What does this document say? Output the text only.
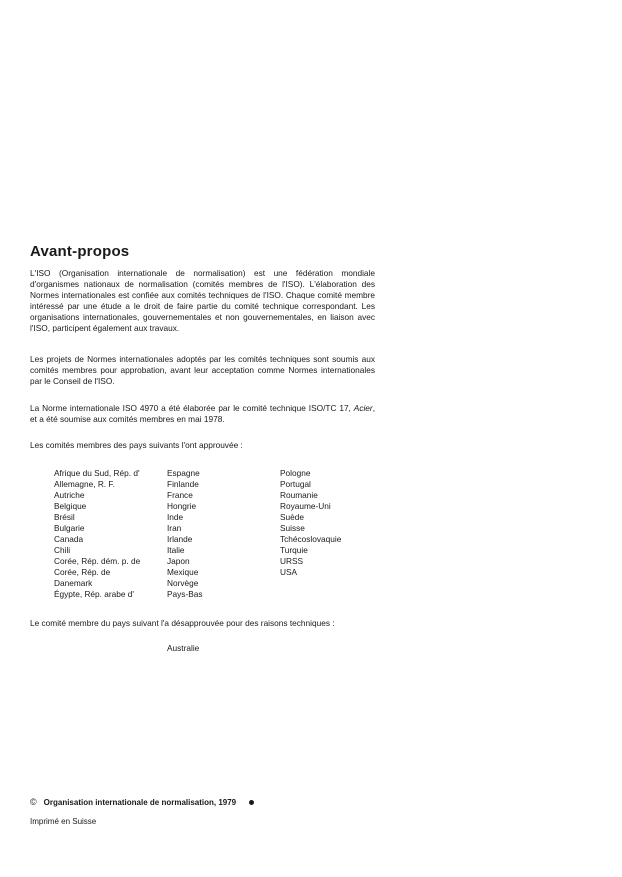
Avant-propos

L'ISO (Organisation internationale de normalisation) est une fédération mondiale d'organismes nationaux de normalisation (comités membres de l'ISO). L'élaboration des Normes internationales est confiée aux comités techniques de l'ISO. Chaque comité membre intéressé par une étude a le droit de faire partie du comité technique correspondant. Les organisations internationales, gouvernementales et non gouvernementales, en liaison avec l'ISO, participent également aux travaux.

Les projets de Normes internationales adoptés par les comités techniques sont soumis aux comités membres pour approbation, avant leur acceptation comme Normes internationales par le Conseil de l'ISO.

La Norme internationale ISO 4970 a été élaborée par le comité technique ISO/TC 17, Acier, et a été soumise aux comités membres en mai 1978.

Les comités membres des pays suivants l'ont approuvée :

Afrique du Sud, Rép. d'
Allemagne, R. F.
Autriche
Belgique
Brésil
Bulgarie
Canada
Chili
Corée, Rép. dém. p. de
Corée, Rép. de
Danemark
Égypte, Rép. arabe d'
Espagne
Finlande
France
Hongrie
Inde
Iran
Irlande
Italie
Japon
Mexique
Norvège
Pays-Bas
Pologne
Portugal
Roumanie
Royaume-Uni
Suède
Suisse
Tchécoslovaquie
Turquie
URSS
USA

Le comité membre du pays suivant l'a désapprouvée pour des raisons techniques :

Australie

© Organisation internationale de normalisation, 1979

Imprimé en Suisse
